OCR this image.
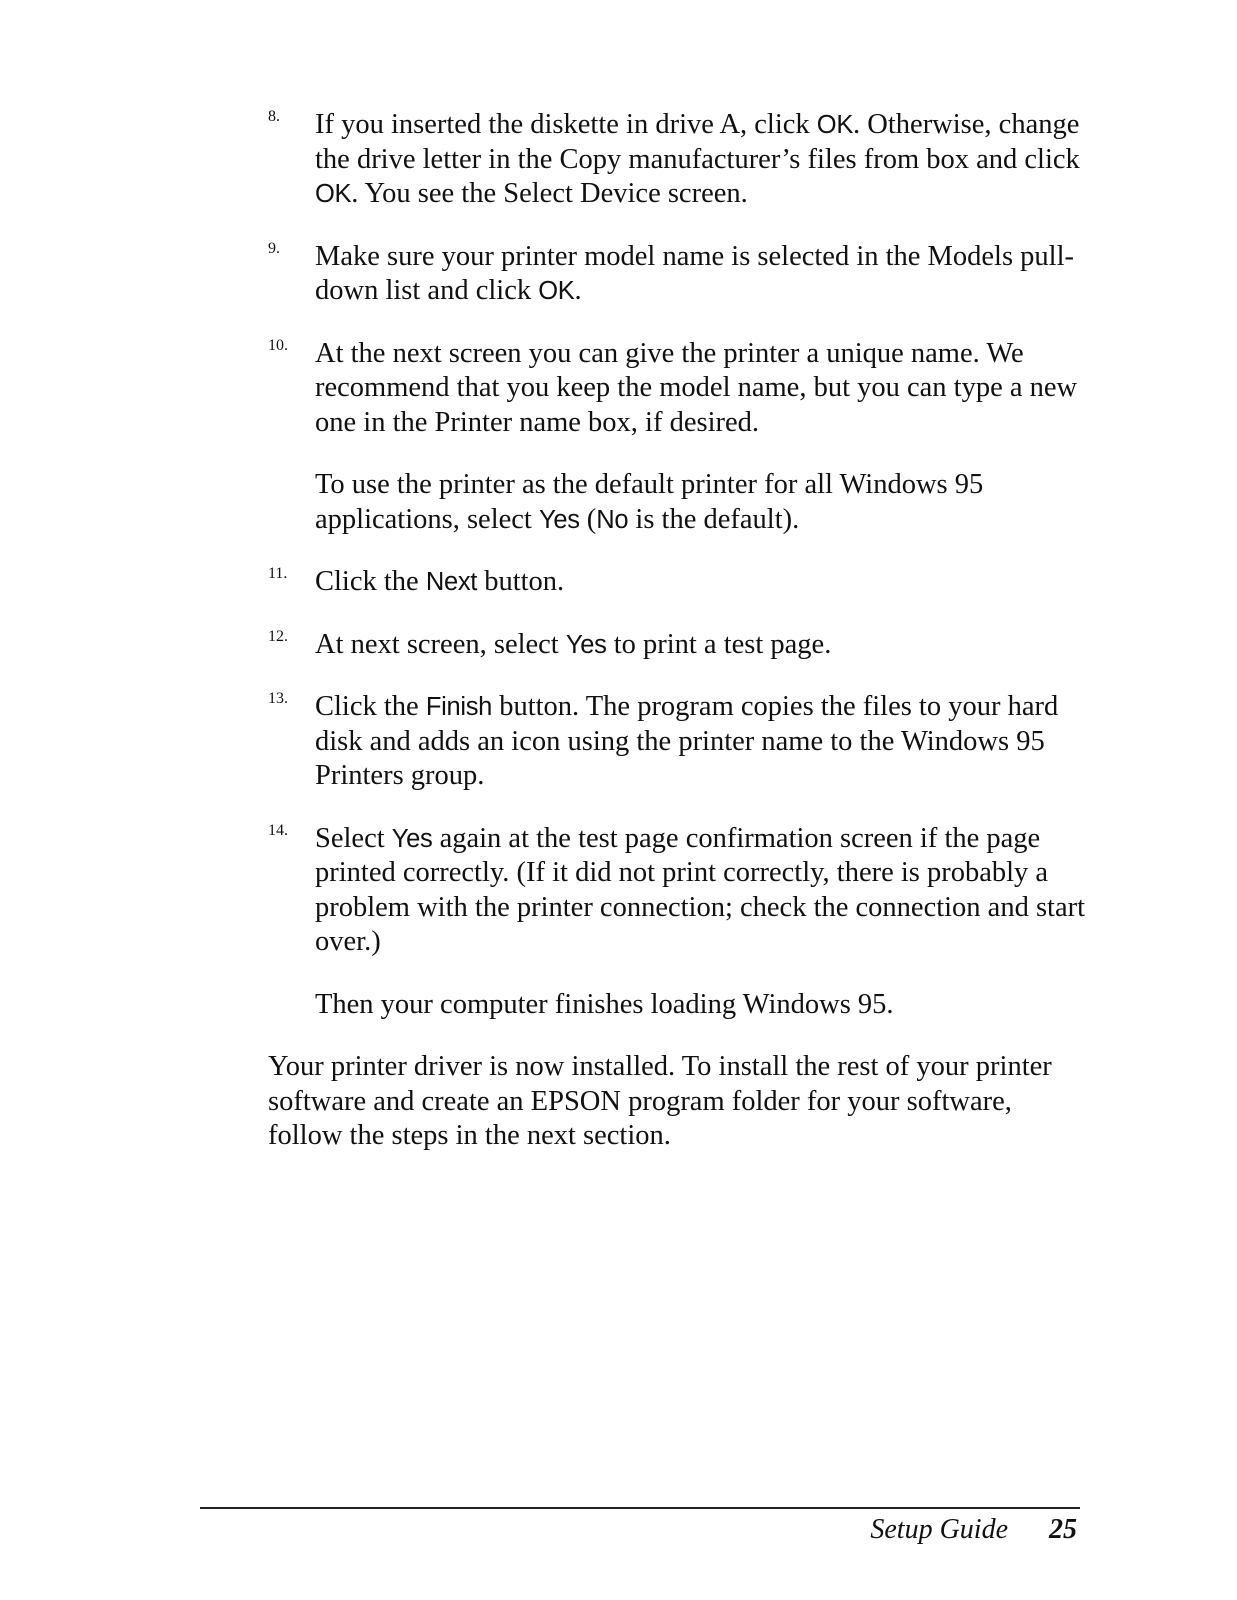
8. If you inserted the diskette in drive A, click OK. Otherwise, change the drive letter in the Copy manufacturer’s files from box and click OK. You see the Select Device screen.
9. Make sure your printer model name is selected in the Models pull-down list and click OK.
10. At the next screen you can give the printer a unique name. We recommend that you keep the model name, but you can type a new one in the Printer name box, if desired.

To use the printer as the default printer for all Windows 95 applications, select Yes (No is the default).

11. Click the Next button.
12. At next screen, select Yes to print a test page.
13. Click the Finish button. The program copies the files to your hard disk and adds an icon using the printer name to the Windows 95 Printers group.
14. Select Yes again at the test page confirmation screen if the page printed correctly. (If it did not print correctly, there is probably a problem with the printer connection; check the connection and start over.)

Then your computer finishes loading Windows 95.

Your printer driver is now installed. To install the rest of your printer software and create an EPSON program folder for your software, follow the steps in the next section.

Setup Guide 25
